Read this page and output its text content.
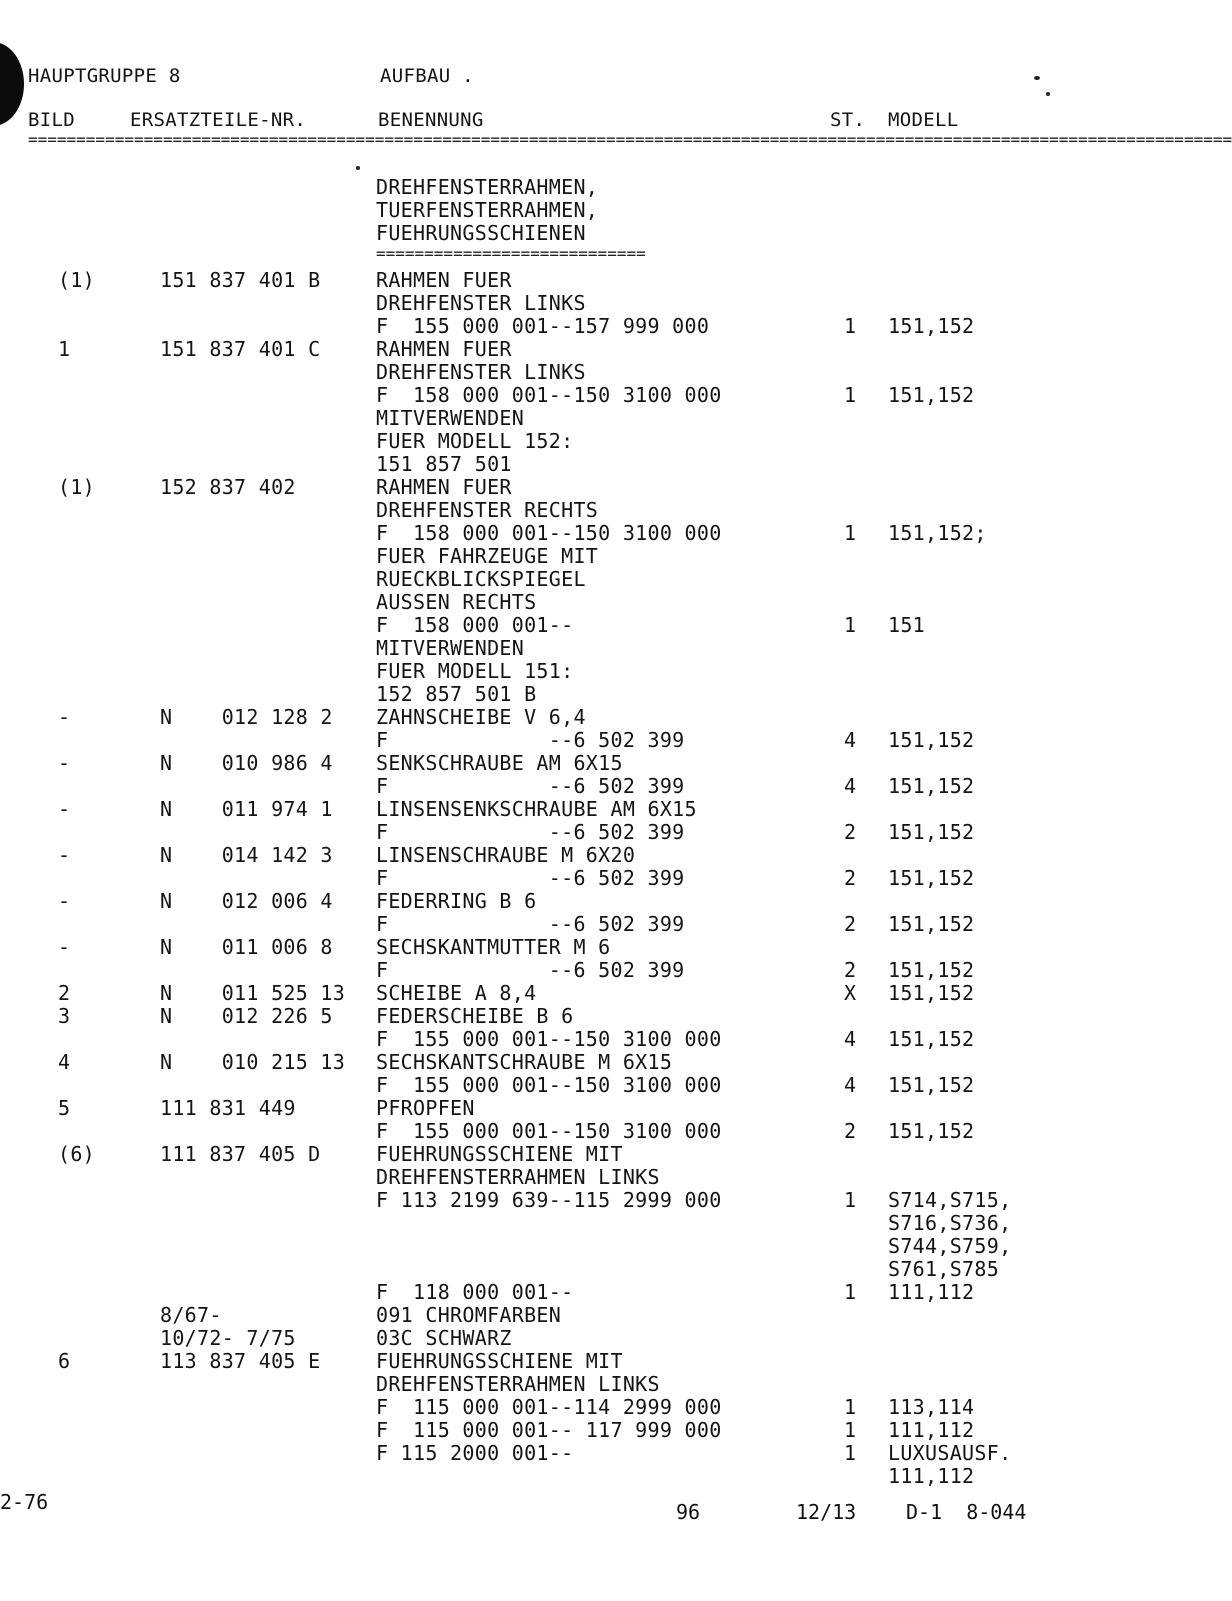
HAUPTGRUPPE 8	AUFBAU .
BILD	ERSATZTEILE-NR.	BENENNUNG	ST. MODELL
=============================================================================================================================
============================
DREHFENSTERRAHMEN,
TUERFENSTERRAHMEN,
FUEHRUNGSSCHIENEN
(1)	151 837 401 B	RAHMEN FUER
DREHFENSTER LINKS
F  155 000 001--157 999 000	1 151,152
1	151 837 401 C	RAHMEN FUER
DREHFENSTER LINKS
F  158 000 001--150 3100 000	1 151,152
MITVERWENDEN
FUER MODELL 152:
151 857 501
(1)	152 837 402	RAHMEN FUER
DREHFENSTER RECHTS
F  158 000 001--150 3100 000	1 151,152;
FUER FAHRZEUGE MIT
RUECKBLICKSPIEGEL
AUSSEN RECHTS
F  158 000 001--	1 151
MITVERWENDEN
FUER MODELL 151:
152 857 501 B
-	N    012 128 2 ZAHNSCHEIBE V 6,4
F             --6 502 399	4 151,152
-	N    010 986 4 SENKSCHRAUBE AM 6X15
F             --6 502 399	4 151,152
-	N    011 974 1 LINSENSENKSCHRAUBE AM 6X15
F             --6 502 399	2 151,152
-	N    014 142 3 LINSENSCHRAUBE M 6X20
F             --6 502 399	2 151,152
-	N    012 006 4 FEDERRING B 6
F             --6 502 399	2 151,152
-	N    011 006 8 SECHSKANTMUTTER M 6
F             --6 502 399	2 151,152
2	N    011 525 13 SCHEIBE A 8,4	X 151,152
3	N    012 226 5 FEDERSCHEIBE B 6
F  155 000 001--150 3100 000	4 151,152
4	N    010 215 13 SECHSKANTSCHRAUBE M 6X15
F  155 000 001--150 3100 000	4 151,152
5	111 831 449	PFROPFEN
F  155 000 001--150 3100 000	2 151,152
(6)	111 837 405 D	FUEHRUNGSSCHIENE MIT
DREHFENSTERRAHMEN LINKS
F 113 2199 639--115 2999 000	1 S714,S715,
S716,S736,
S744,S759,
S761,S785
F  118 000 001--	1 111,112
8/67-	091 CHROMFARBEN
10/72- 7/75	03C SCHWARZ
6	113 837 405 E	FUEHRUNGSSCHIENE MIT
DREHFENSTERRAHMEN LINKS
F  115 000 001--114 2999 000	1 113,114
F  115 000 001-- 117 999 000	1 111,112
F 115 2000 001--	1 LUXUSAUSF.
111,112
2-76	96	12/13 D-1  8-044
